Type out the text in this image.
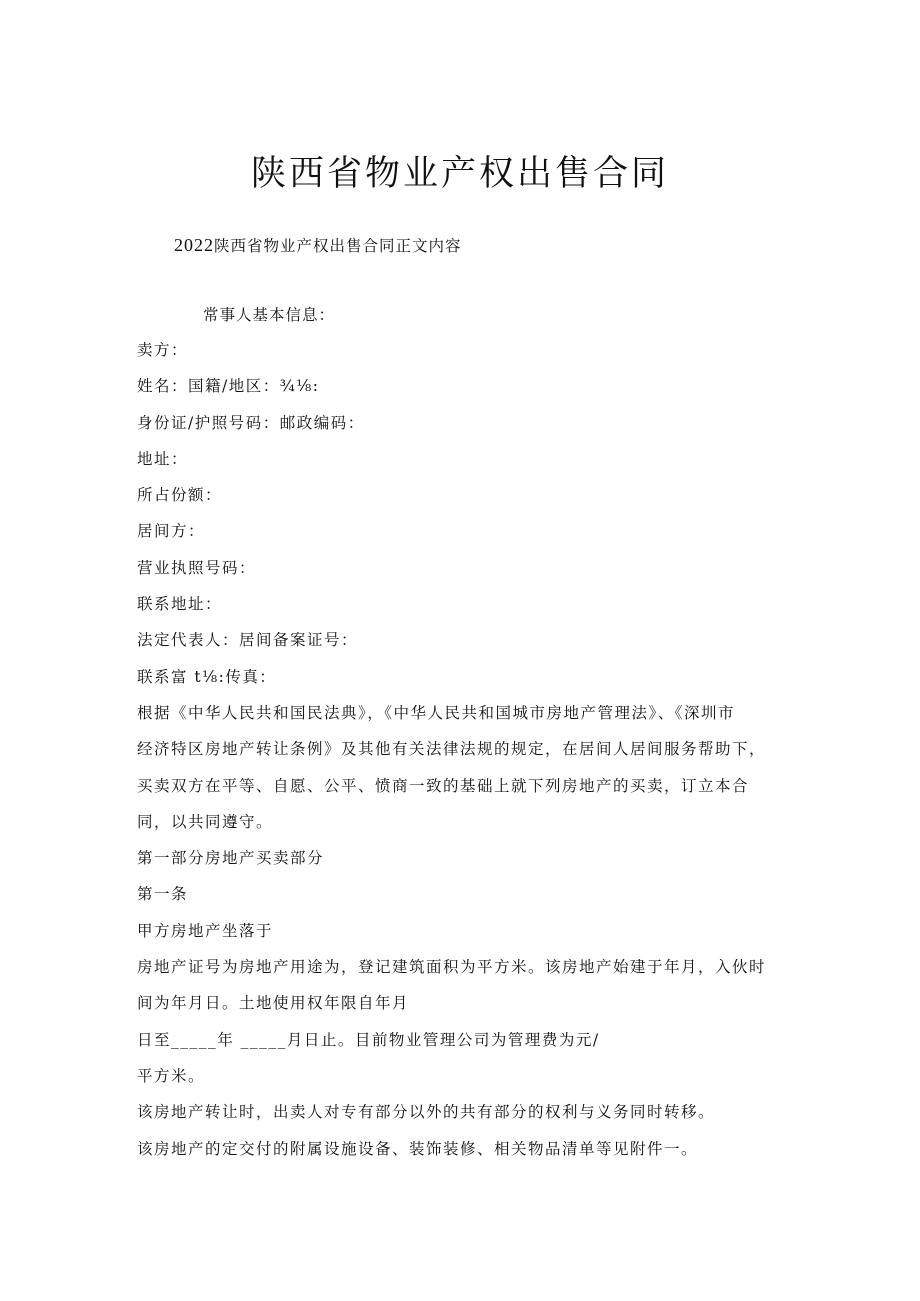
陕西省物业产权出售合同
2022陕西省物业产权出售合同正文内容
常事人基本信息：
卖方：
姓名：国籍/地区：¾⅛:
身份证/护照号码：邮政编码：
地址：
所占份额：
居间方：
营业执照号码：
联系地址：
法定代表人：居间备案证号：
联系富 t⅛:传真：
根据《中华人民共和国民法典》，《中华人民共和国城市房地产管理法》、《深圳市
经济特区房地产转让条例》及其他有关法律法规的规定，在居间人居间服务帮助下，
买卖双方在平等、自愿、公平、愤商一致的基础上就下列房地产的买卖，订立本合
同，以共同遵守。
第一部分房地产买卖部分
第一条
甲方房地产坐落于
房地产证号为房地产用途为，登记建筑面积为平方米。该房地产始建于年月，入伙时
间为年月日。土地使用权年限自年月
日至_____年 _____月日止。目前物业管理公司为管理费为元/
平方米。
该房地产转让时，出卖人对专有部分以外的共有部分的权利与义务同时转移。
该房地产的定交付的附属设施设备、装饰装修、相关物品清单等见附件一。
